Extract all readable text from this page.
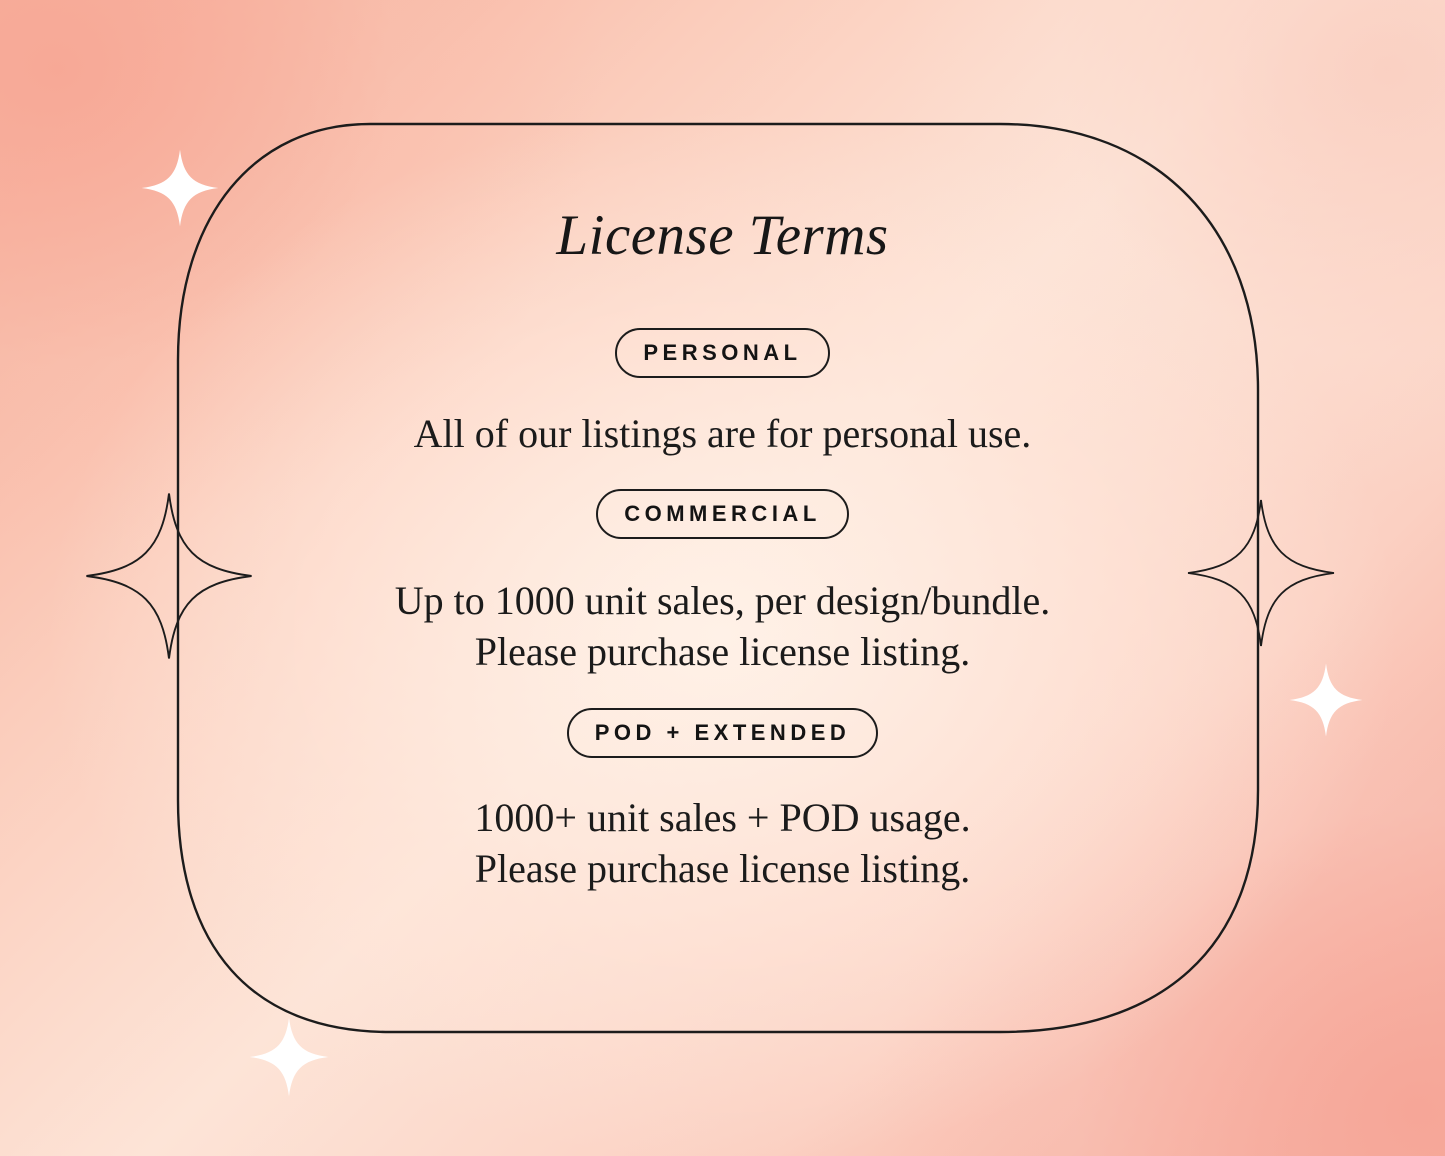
License Terms
PERSONAL
All of our listings are for personal use.
COMMERCIAL
Up to 1000 unit sales, per design/bundle.
Please purchase license listing.
POD + EXTENDED
1000+ unit sales + POD usage.
Please purchase license listing.
